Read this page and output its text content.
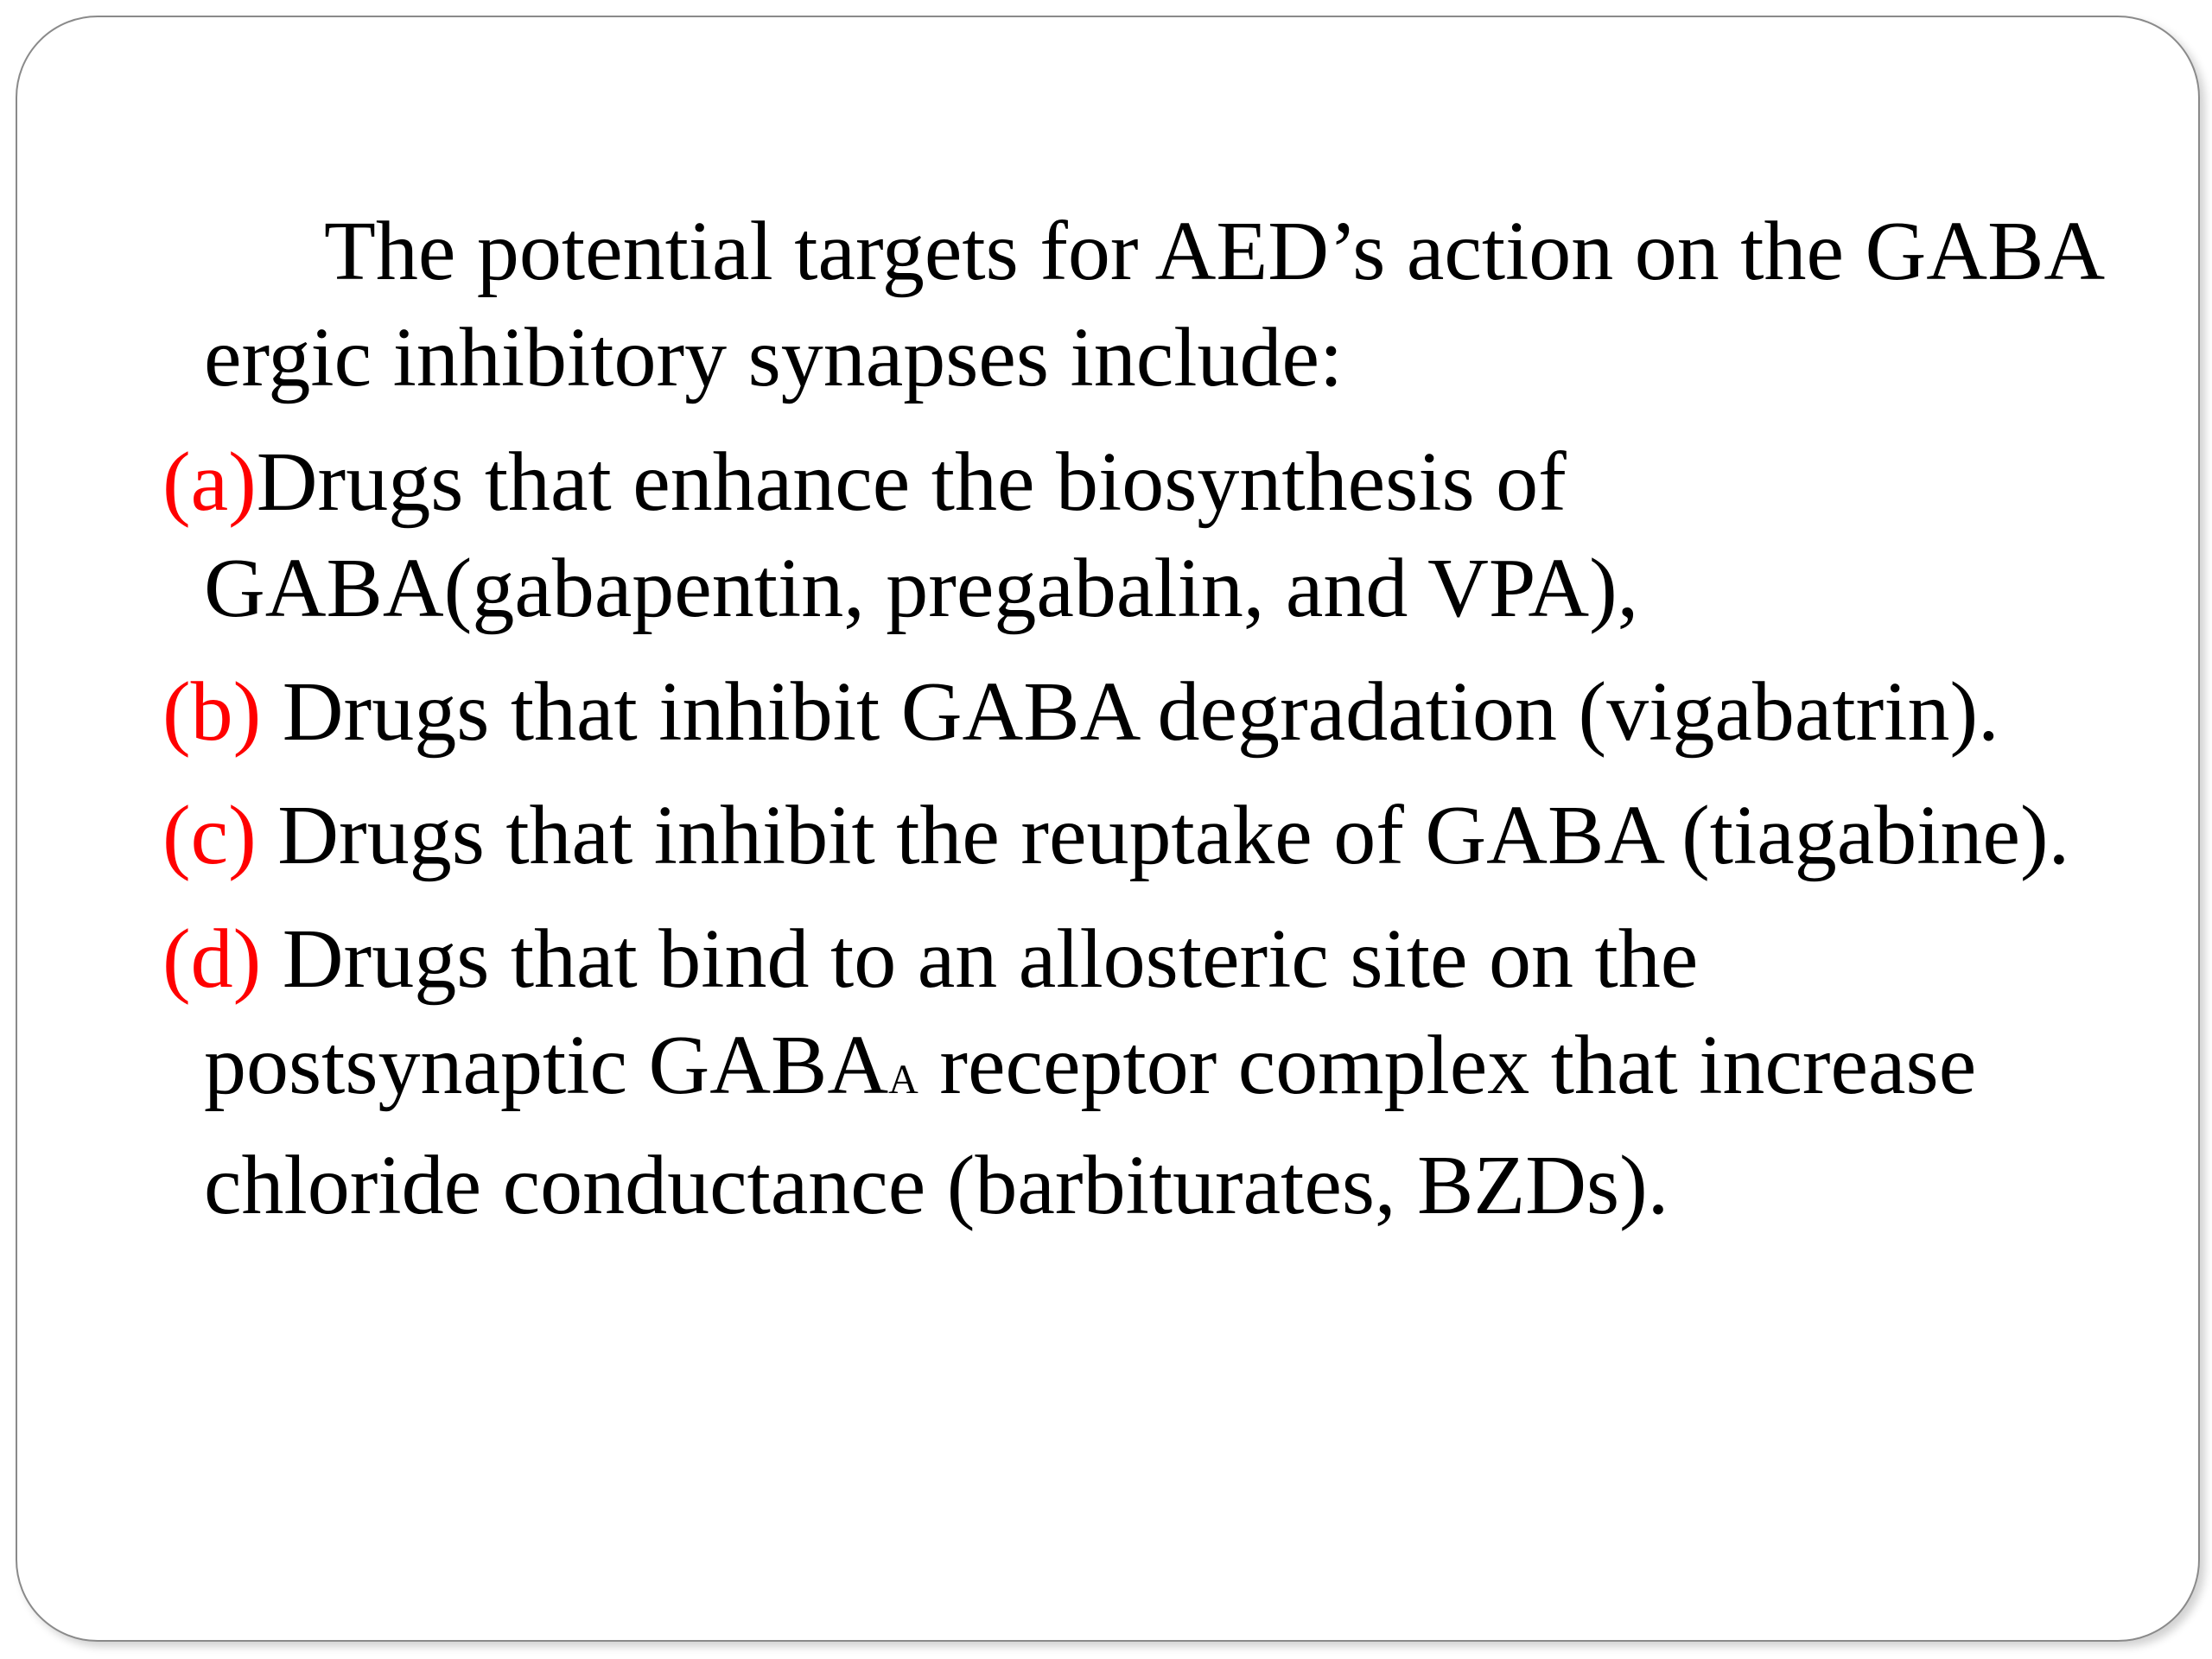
The potential targets for AED’s action on the GABA
ergic inhibitory synapses include:

(a)Drugs that enhance the biosynthesis of
GABA(gabapentin, pregabalin, and VPA),

(b) Drugs that inhibit GABA degradation (vigabatrin).

(c) Drugs that inhibit the reuptake of GABA (tiagabine).

(d) Drugs that bind to an allosteric site on the
postsynaptic GABAA receptor complex that increase
chloride conductance (barbiturates, BZDs).
